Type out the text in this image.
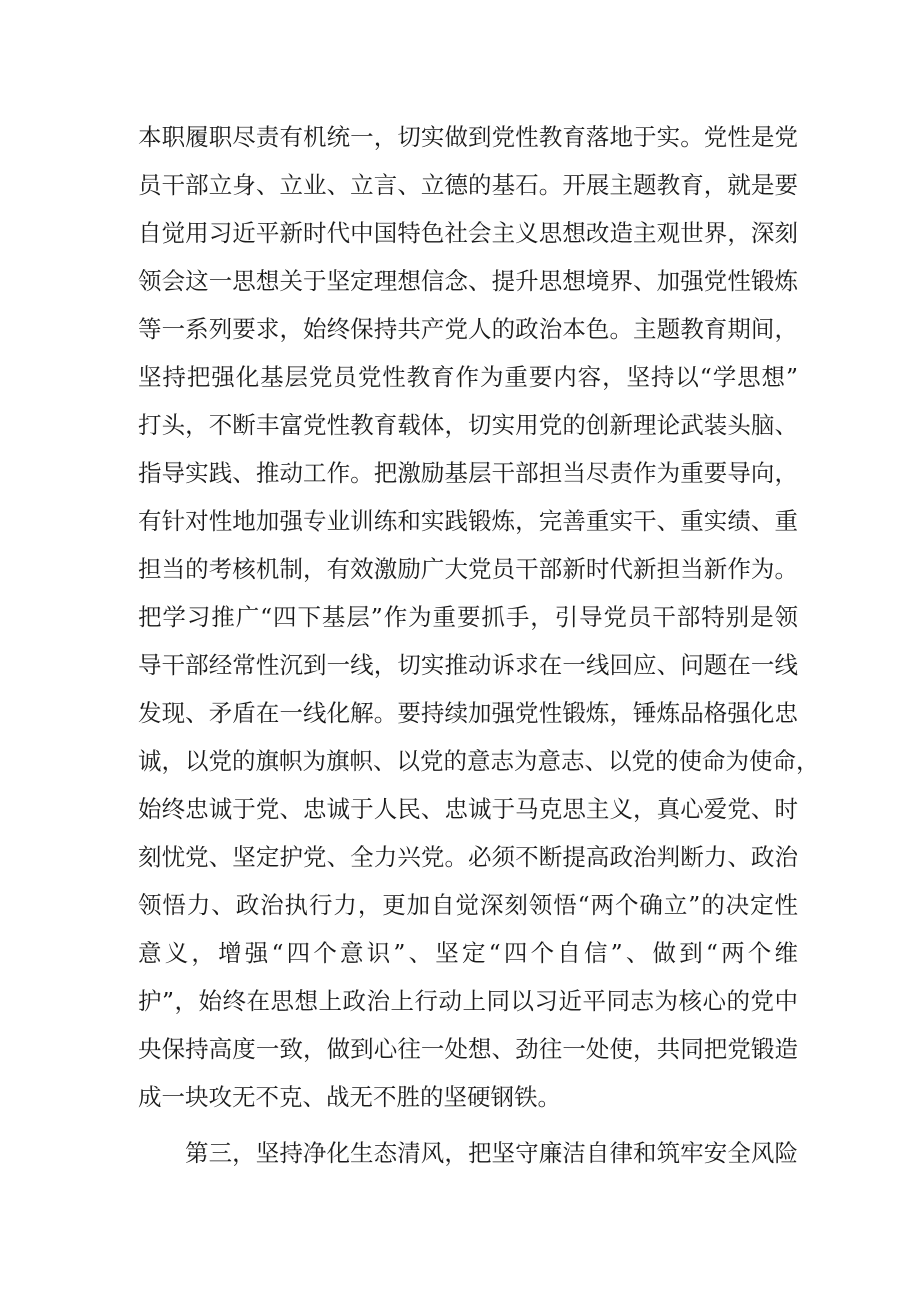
本职履职尽责有机统一，切实做到党性教育落地于实。党性是党
员干部立身、立业、立言、立德的基石。开展主题教育，就是要
自觉用习近平新时代中国特色社会主义思想改造主观世界，深刻
领会这一思想关于坚定理想信念、提升思想境界、加强党性锻炼
等一系列要求，始终保持共产党人的政治本色。主题教育期间，
坚持把强化基层党员党性教育作为重要内容，坚持以“学思想”
打头，不断丰富党性教育载体，切实用党的创新理论武装头脑、
指导实践、推动工作。把激励基层干部担当尽责作为重要导向，
有针对性地加强专业训练和实践锻炼，完善重实干、重实绩、重
担当的考核机制，有效激励广大党员干部新时代新担当新作为。
把学习推广“四下基层”作为重要抓手，引导党员干部特别是领
导干部经常性沉到一线，切实推动诉求在一线回应、问题在一线
发现、矛盾在一线化解。要持续加强党性锻炼，锤炼品格强化忠
诚，以党的旗帜为旗帜、以党的意志为意志、以党的使命为使命，
始终忠诚于党、忠诚于人民、忠诚于马克思主义，真心爱党、时
刻忧党、坚定护党、全力兴党。必须不断提高政治判断力、政治
领悟力、政治执行力，更加自觉深刻领悟“两个确立”的决定性
意义，增强“四个意识”、坚定“四个自信”、做到“两个维
护”，始终在思想上政治上行动上同以习近平同志为核心的党中
央保持高度一致，做到心往一处想、劲往一处使，共同把党锻造
成一块攻无不克、战无不胜的坚硬钢铁。
第三，坚持净化生态清风，把坚守廉洁自律和筑牢安全风险
